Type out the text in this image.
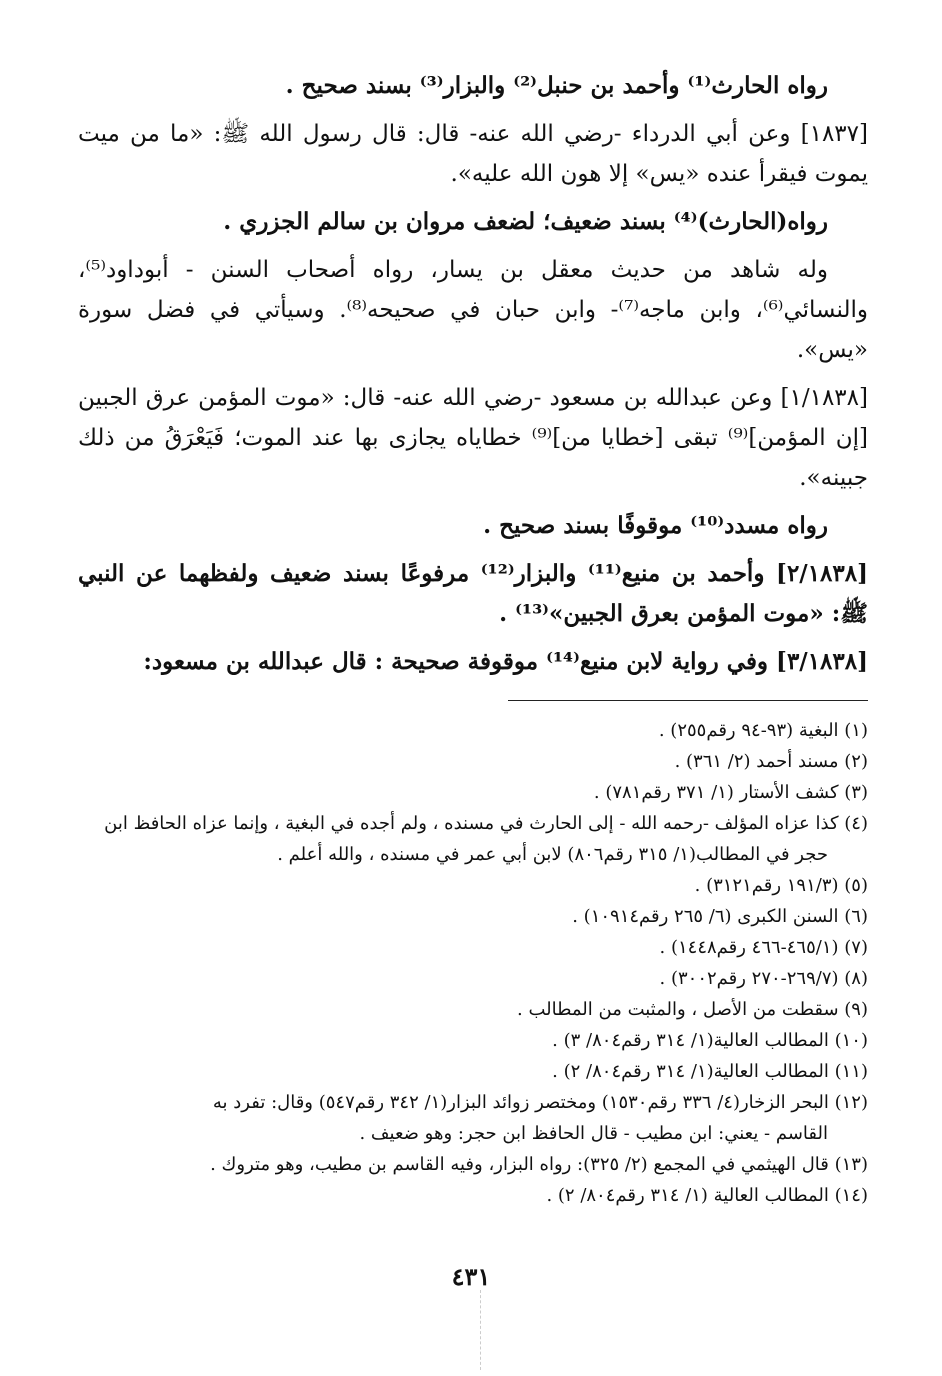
رواه الحارث⁽¹⁾ وأحمد بن حنبل⁽²⁾ والبزار⁽³⁾ بسند صحيح .

[١٨٣٧] وعن أبي الدرداء -رضي الله عنه- قال: قال رسول الله ﷺ: «ما من ميت يموت فيقرأ عنده «يس» إلا هون الله عليه».

رواه(الحارث)⁽⁴⁾ بسند ضعيف؛ لضعف مروان بن سالم الجزري .

وله شاهد من حديث معقل بن يسار، رواه أصحاب السنن - أبوداود⁽⁵⁾، والنسائي⁽⁶⁾، وابن ماجه⁽⁷⁾- وابن حبان في صحيحه⁽⁸⁾. وسيأتي في فضل سورة «يس».

[١/١٨٣٨] وعن عبدالله بن مسعود -رضي الله عنه- قال: «موت المؤمن عرق الجبين [إن المؤمن]⁽⁹⁾ تبقى [خطايا من]⁽⁹⁾ خطاياه يجازى بها عند الموت؛ فَيَعْرَقُ من ذلك جبينه».

رواه مسدد⁽¹⁰⁾ موقوفًا بسند صحيح .

[٢/١٨٣٨] وأحمد بن منيع⁽¹¹⁾ والبزار⁽¹²⁾ مرفوعًا بسند ضعيف ولفظهما عن النبي ﷺ: «موت المؤمن بعرق الجبين»⁽¹³⁾ .

[٣/١٨٣٨] وفي رواية لابن منيع⁽¹⁴⁾ موقوفة صحيحة : قال عبدالله بن مسعود:

(١) البغية (٩٣-٩٤ رقم٢٥٥) .

(٢) مسند أحمد (٢/ ٣٦١) .

(٣) كشف الأستار (١/ ٣٧١ رقم٧٨١) .

(٤) كذا عزاه المؤلف -رحمه الله - إلى الحارث في مسنده ، ولم أجده في البغية ، وإنما عزاه الحافظ ابن
حجر في المطالب(١/ ٣١٥ رقم٨٠٦) لابن أبي عمر في مسنده ، والله أعلم .

(٥) (١٩١/٣ رقم٣١٢١) .

(٦) السنن الكبرى (٦/ ٢٦٥ رقم١٠٩١٤) .

(٧) (٤٦٥/١-٤٦٦ رقم١٤٤٨) .

(٨) (٢٦٩/٧-٢٧٠ رقم٣٠٠٢) .

(٩) سقطت من الأصل ، والمثبت من المطالب .

(١٠) المطالب العالية(١/ ٣١٤ رقم٨٠٤/ ٣) .

(١١) المطالب العالية(١/ ٣١٤ رقم٨٠٤/ ٢) .

(١٢) البحر الزخار(٤/ ٣٣٦ رقم١٥٣٠) ومختصر زوائد البزار(١/ ٣٤٢ رقم٥٤٧) وقال: تفرد به
القاسم - يعني: ابن مطيب - قال الحافظ ابن حجر: وهو ضعيف .

(١٣) قال الهيثمي في المجمع (٢/ ٣٢٥): رواه البزار، وفيه القاسم بن مطيب، وهو متروك .

(١٤) المطالب العالية (١/ ٣١٤ رقم٨٠٤/ ٢) .

٤٣١
